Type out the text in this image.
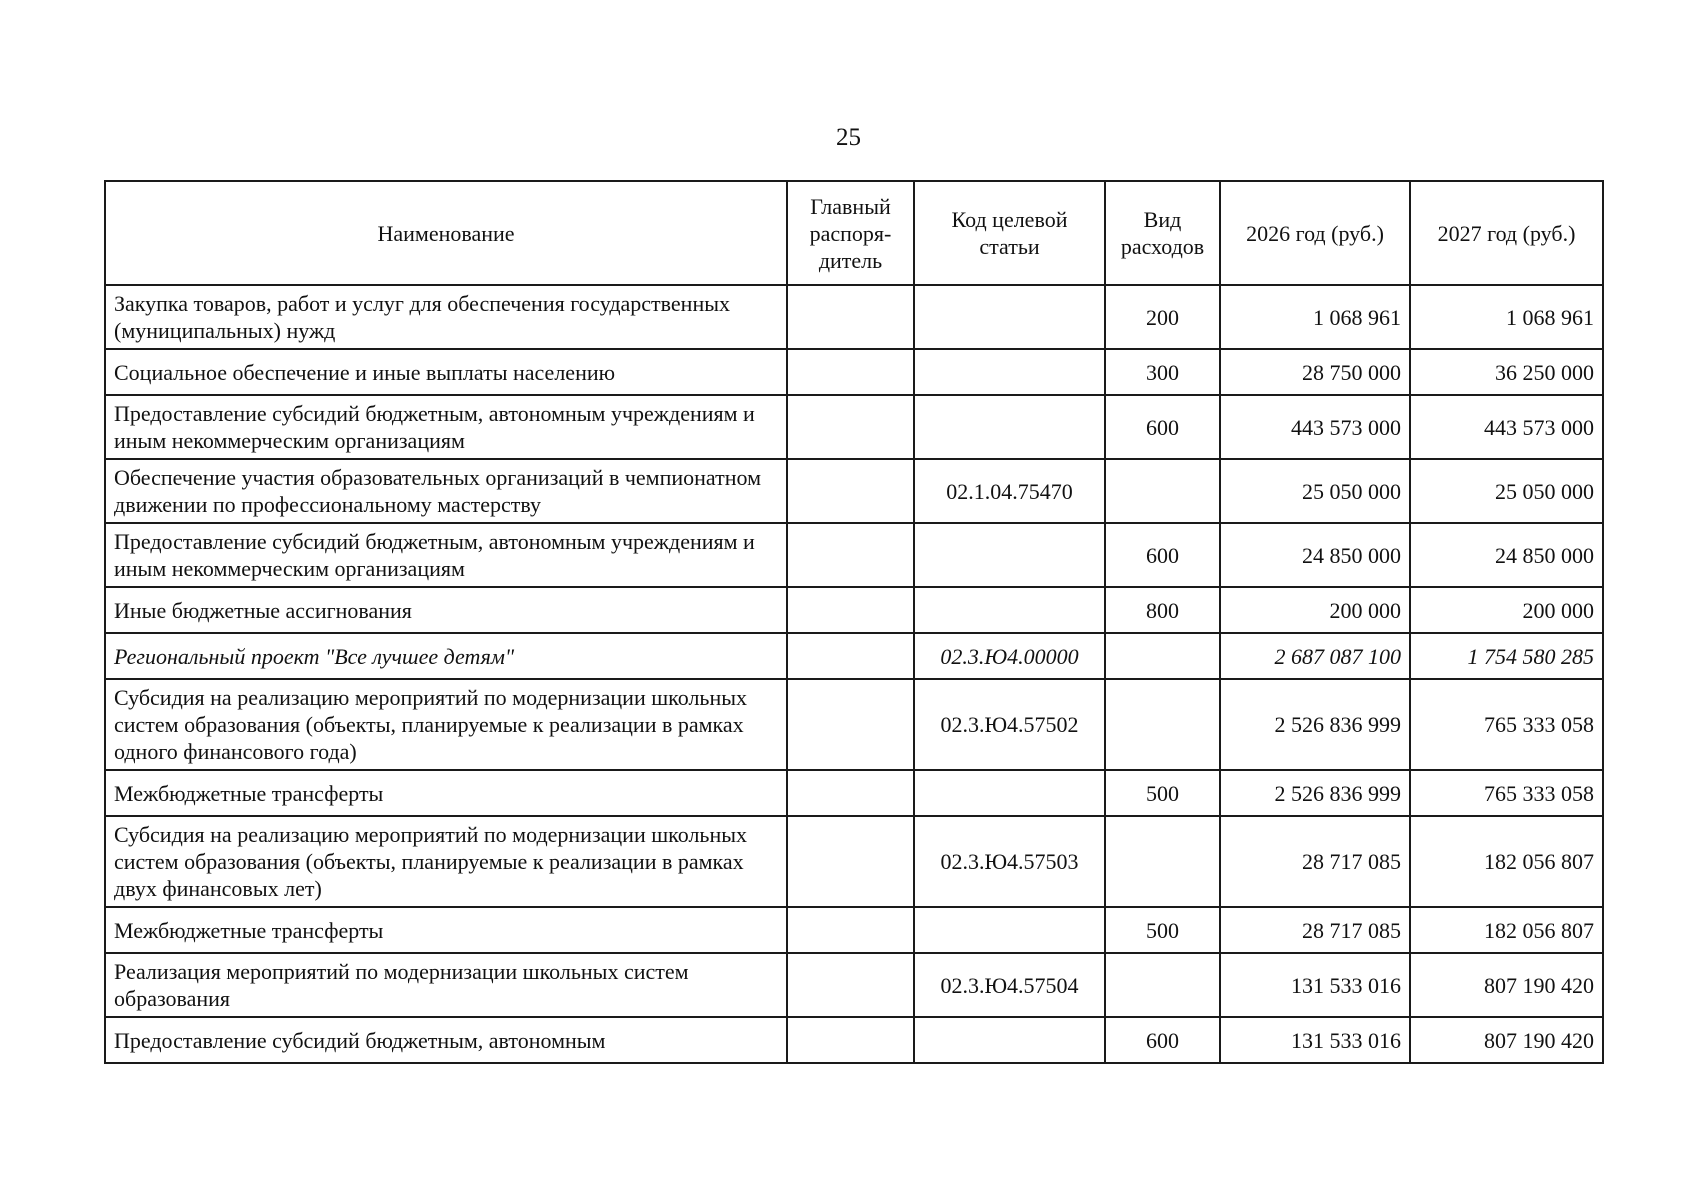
25
Наименование	Главный распоря-дитель	Код целевой статьи	Вид расходов	2026 год (руб.)	2027 год (руб.)
Закупка товаров, работ и услуг для обеспечения государственных (муниципальных) нужд			200	1 068 961	1 068 961
Социальное обеспечение и иные выплаты населению			300	28 750 000	36 250 000
Предоставление субсидий бюджетным, автономным учреждениям и иным некоммерческим организациям			600	443 573 000	443 573 000
Обеспечение участия образовательных организаций в чемпионатном движении по профессиональному мастерству		02.1.04.75470		25 050 000	25 050 000
Предоставление субсидий бюджетным, автономным учреждениям и иным некоммерческим организациям			600	24 850 000	24 850 000
Иные бюджетные ассигнования			800	200 000	200 000
Региональный проект "Все лучшее детям"		02.3.Ю4.00000		2 687 087 100	1 754 580 285
Субсидия на реализацию мероприятий по модернизации школьных систем образования (объекты, планируемые к реализации в рамках одного финансового года)		02.3.Ю4.57502		2 526 836 999	765 333 058
Межбюджетные трансферты			500	2 526 836 999	765 333 058
Субсидия на реализацию мероприятий по модернизации школьных систем образования (объекты, планируемые к реализации в рамках двух финансовых лет)		02.3.Ю4.57503		28 717 085	182 056 807
Межбюджетные трансферты			500	28 717 085	182 056 807
Реализация мероприятий по модернизации школьных систем образования		02.3.Ю4.57504		131 533 016	807 190 420
Предоставление субсидий бюджетным, автономным			600	131 533 016	807 190 420
